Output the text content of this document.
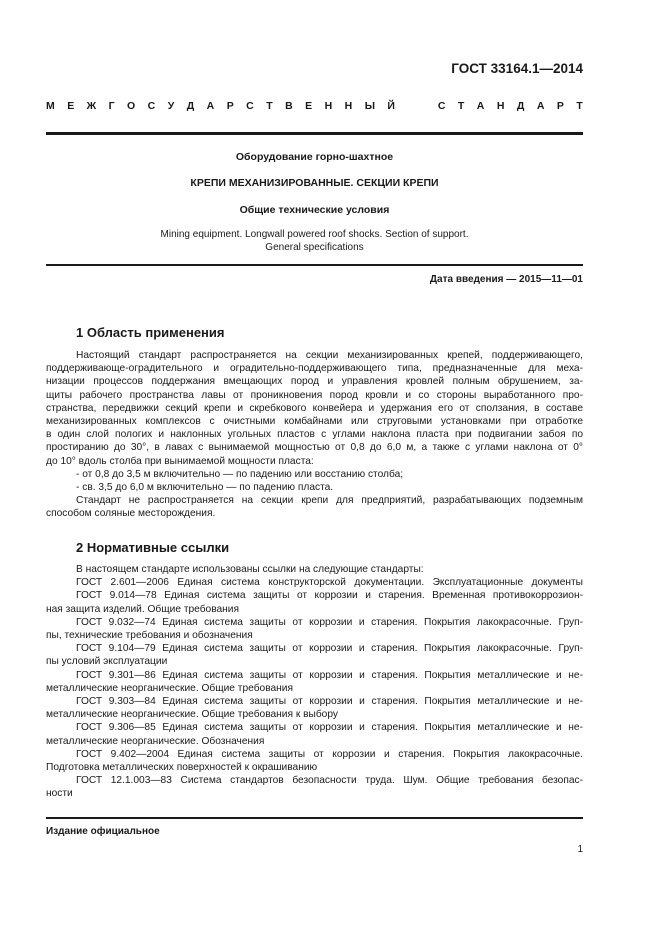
ГОСТ 33164.1—2014
М Е Ж Г О С У Д А Р С Т В Е Н Н Ы Й	С Т А Н Д А Р Т
Оборудование горно-шахтное
КРЕПИ МЕХАНИЗИРОВАННЫЕ. СЕКЦИИ КРЕПИ
Общие технические условия
Mining equipment. Longwall powered roof shocks. Section of support.
General specifications
Дата введения — 2015—11—01
1 Область применения
Настоящий стандарт распространяется на секции механизированных крепей, поддерживающего,
поддерживающе-оградительного и оградительно-поддерживающего типа, предназначенные для меха-
низации процессов поддержания вмещающих пород и управления кровлей полным обрушением, за-
щиты рабочего пространства лавы от проникновения пород кровли и со стороны выработанного про-
странства, передвижки секций крепи и скребкового конвейера и удержания его от сползания, в составе
механизированных комплексов с очистными комбайнами или струговыми установками при отработке
в один слой пологих и наклонных угольных пластов с углами наклона пласта при подвигании забоя по
простиранию до 30°, в лавах с вынимаемой мощностью от 0,8 до 6,0 м, а также с углами наклона от 0°
до 10° вдоль столба при вынимаемой мощности пласта:
- от 0,8 до 3,5 м включительно — по падению или восстанию столба;
- св. 3,5 до 6,0 м включительно — по падению пласта.
Стандарт не распространяется на секции крепи для предприятий, разрабатывающих подземным
способом соляные месторождения.
2 Нормативные ссылки
В настоящем стандарте использованы ссылки на следующие стандарты:
ГОСТ 2.601—2006 Единая система конструкторской документации. Эксплуатационные документы
ГОСТ 9.014—78 Единая система защиты от коррозии и старения. Временная противокоррозион-
ная защита изделий. Общие требования
ГОСТ 9.032—74 Единая система защиты от коррозии и старения. Покрытия лакокрасочные. Груп-
пы, технические требования и обозначения
ГОСТ 9.104—79 Единая система защиты от коррозии и старения. Покрытия лакокрасочные. Груп-
пы условий эксплуатации
ГОСТ 9.301—86 Единая система защиты от коррозии и старения. Покрытия металлические и не-
металлические неорганические. Общие требования
ГОСТ 9.303—84 Единая система защиты от коррозии и старения. Покрытия металлические и не-
металлические неорганические. Общие требования к выбору
ГОСТ 9.306—85 Единая система защиты от коррозии и старения. Покрытия металлические и не-
металлические неорганические. Обозначения
ГОСТ 9.402—2004 Единая система защиты от коррозии и старения. Покрытия лакокрасочные.
Подготовка металлических поверхностей к окрашиванию
ГОСТ 12.1.003—83 Система стандартов безопасности труда. Шум. Общие требования безопас-
ности
Издание официальное
1
